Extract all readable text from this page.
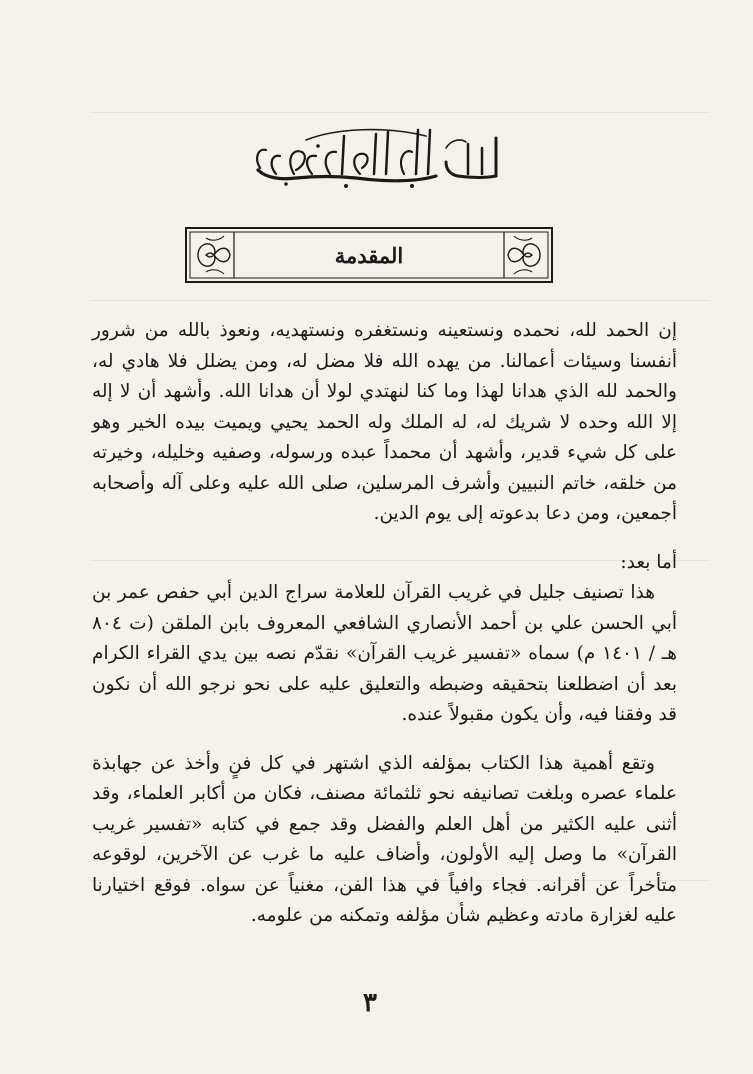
المقدمة

إن الحمد لله، نحمده ونستعينه ونستغفره ونستهديه، ونعوذ بالله من شرور أنفسنا وسيئات أعمالنا. من يهده الله فلا مضل له، ومن يضلل فلا هادي له، والحمد لله الذي هدانا لهذا وما كنا لنهتدي لولا أن هدانا الله. وأشهد أن لا إله إلا الله وحده لا شريك له، له الملك وله الحمد يحيي ويميت بيده الخير وهو على كل شيء قدير، وأشهد أن محمداً عبده ورسوله، وصفيه وخليله، وخيرته من خلقه، خاتم النبيين وأشرف المرسلين، صلى الله عليه وعلى آله وأصحابه أجمعين، ومن دعا بدعوته إلى يوم الدين.

أما بعد:

هذا تصنيف جليل في غريب القرآن للعلامة سراج الدين أبي حفص عمر بن أبي الحسن علي بن أحمد الأنصاري الشافعي المعروف بابن الملقن (ت ٨٠٤ هـ / ١٤٠١ م) سماه «تفسير غريب القرآن» نقدّم نصه بين يدي القراء الكرام بعد أن اضطلعنا بتحقيقه وضبطه والتعليق عليه على نحو نرجو الله أن نكون قد وفقنا فيه، وأن يكون مقبولاً عنده.

وتقع أهمية هذا الكتاب بمؤلفه الذي اشتهر في كل فنٍ وأخذ عن جهابذة علماء عصره وبلغت تصانيفه نحو ثلثمائة مصنف، فكان من أكابر العلماء، وقد أثنى عليه الكثير من أهل العلم والفضل وقد جمع في كتابه «تفسير غريب القرآن» ما وصل إليه الأولون، وأضاف عليه ما غرب عن الآخرين، لوقوعه متأخراً عن أقرانه. فجاء وافياً في هذا الفن، مغنياً عن سواه. فوقع اختيارنا عليه لغزارة مادته وعظيم شأن مؤلفه وتمكنه من علومه.

٣
